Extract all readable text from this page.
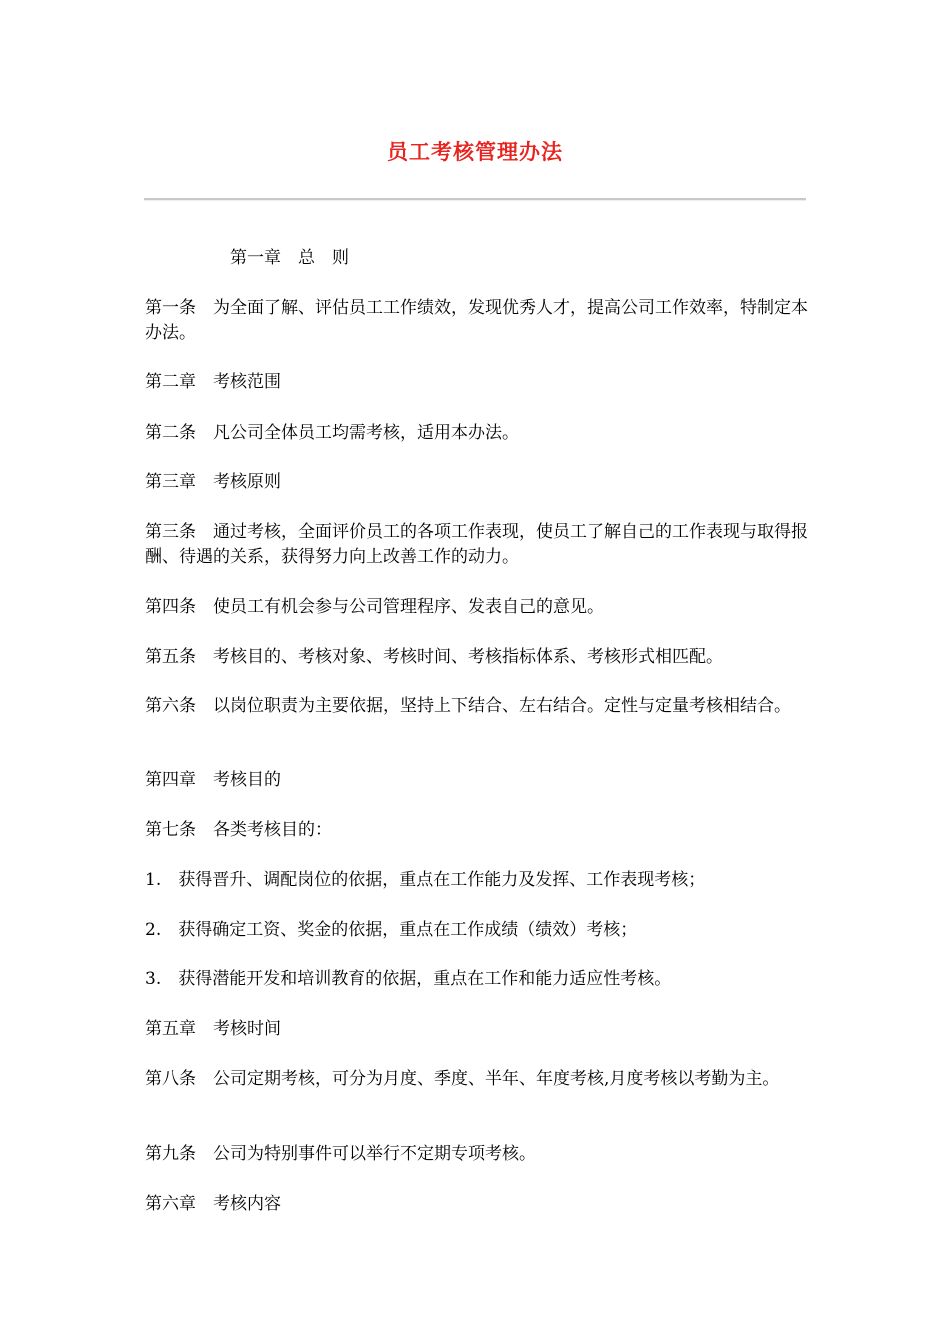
员工考核管理办法
第一章　总　则
第一条　为全面了解、评估员工工作绩效，发现优秀人才，提高公司工作效率，特制定本办法。
第二章　考核范围
第二条　凡公司全体员工均需考核，适用本办法。
第三章　考核原则
第三条　通过考核，全面评价员工的各项工作表现，使员工了解自己的工作表现与取得报酬、待遇的关系，获得努力向上改善工作的动力。
第四条　使员工有机会参与公司管理程序、发表自己的意见。
第五条　考核目的、考核对象、考核时间、考核指标体系、考核形式相匹配。
第六条　以岗位职责为主要依据，坚持上下结合、左右结合。定性与定量考核相结合。
第四章　考核目的
第七条　各类考核目的：
1.　获得晋升、调配岗位的依据，重点在工作能力及发挥、工作表现考核；
2.　获得确定工资、奖金的依据，重点在工作成绩（绩效）考核；
3.　获得潜能开发和培训教育的依据，重点在工作和能力适应性考核。
第五章　考核时间
第八条　公司定期考核，可分为月度、季度、半年、年度考核,月度考核以考勤为主。
第九条　公司为特别事件可以举行不定期专项考核。
第六章　考核内容
